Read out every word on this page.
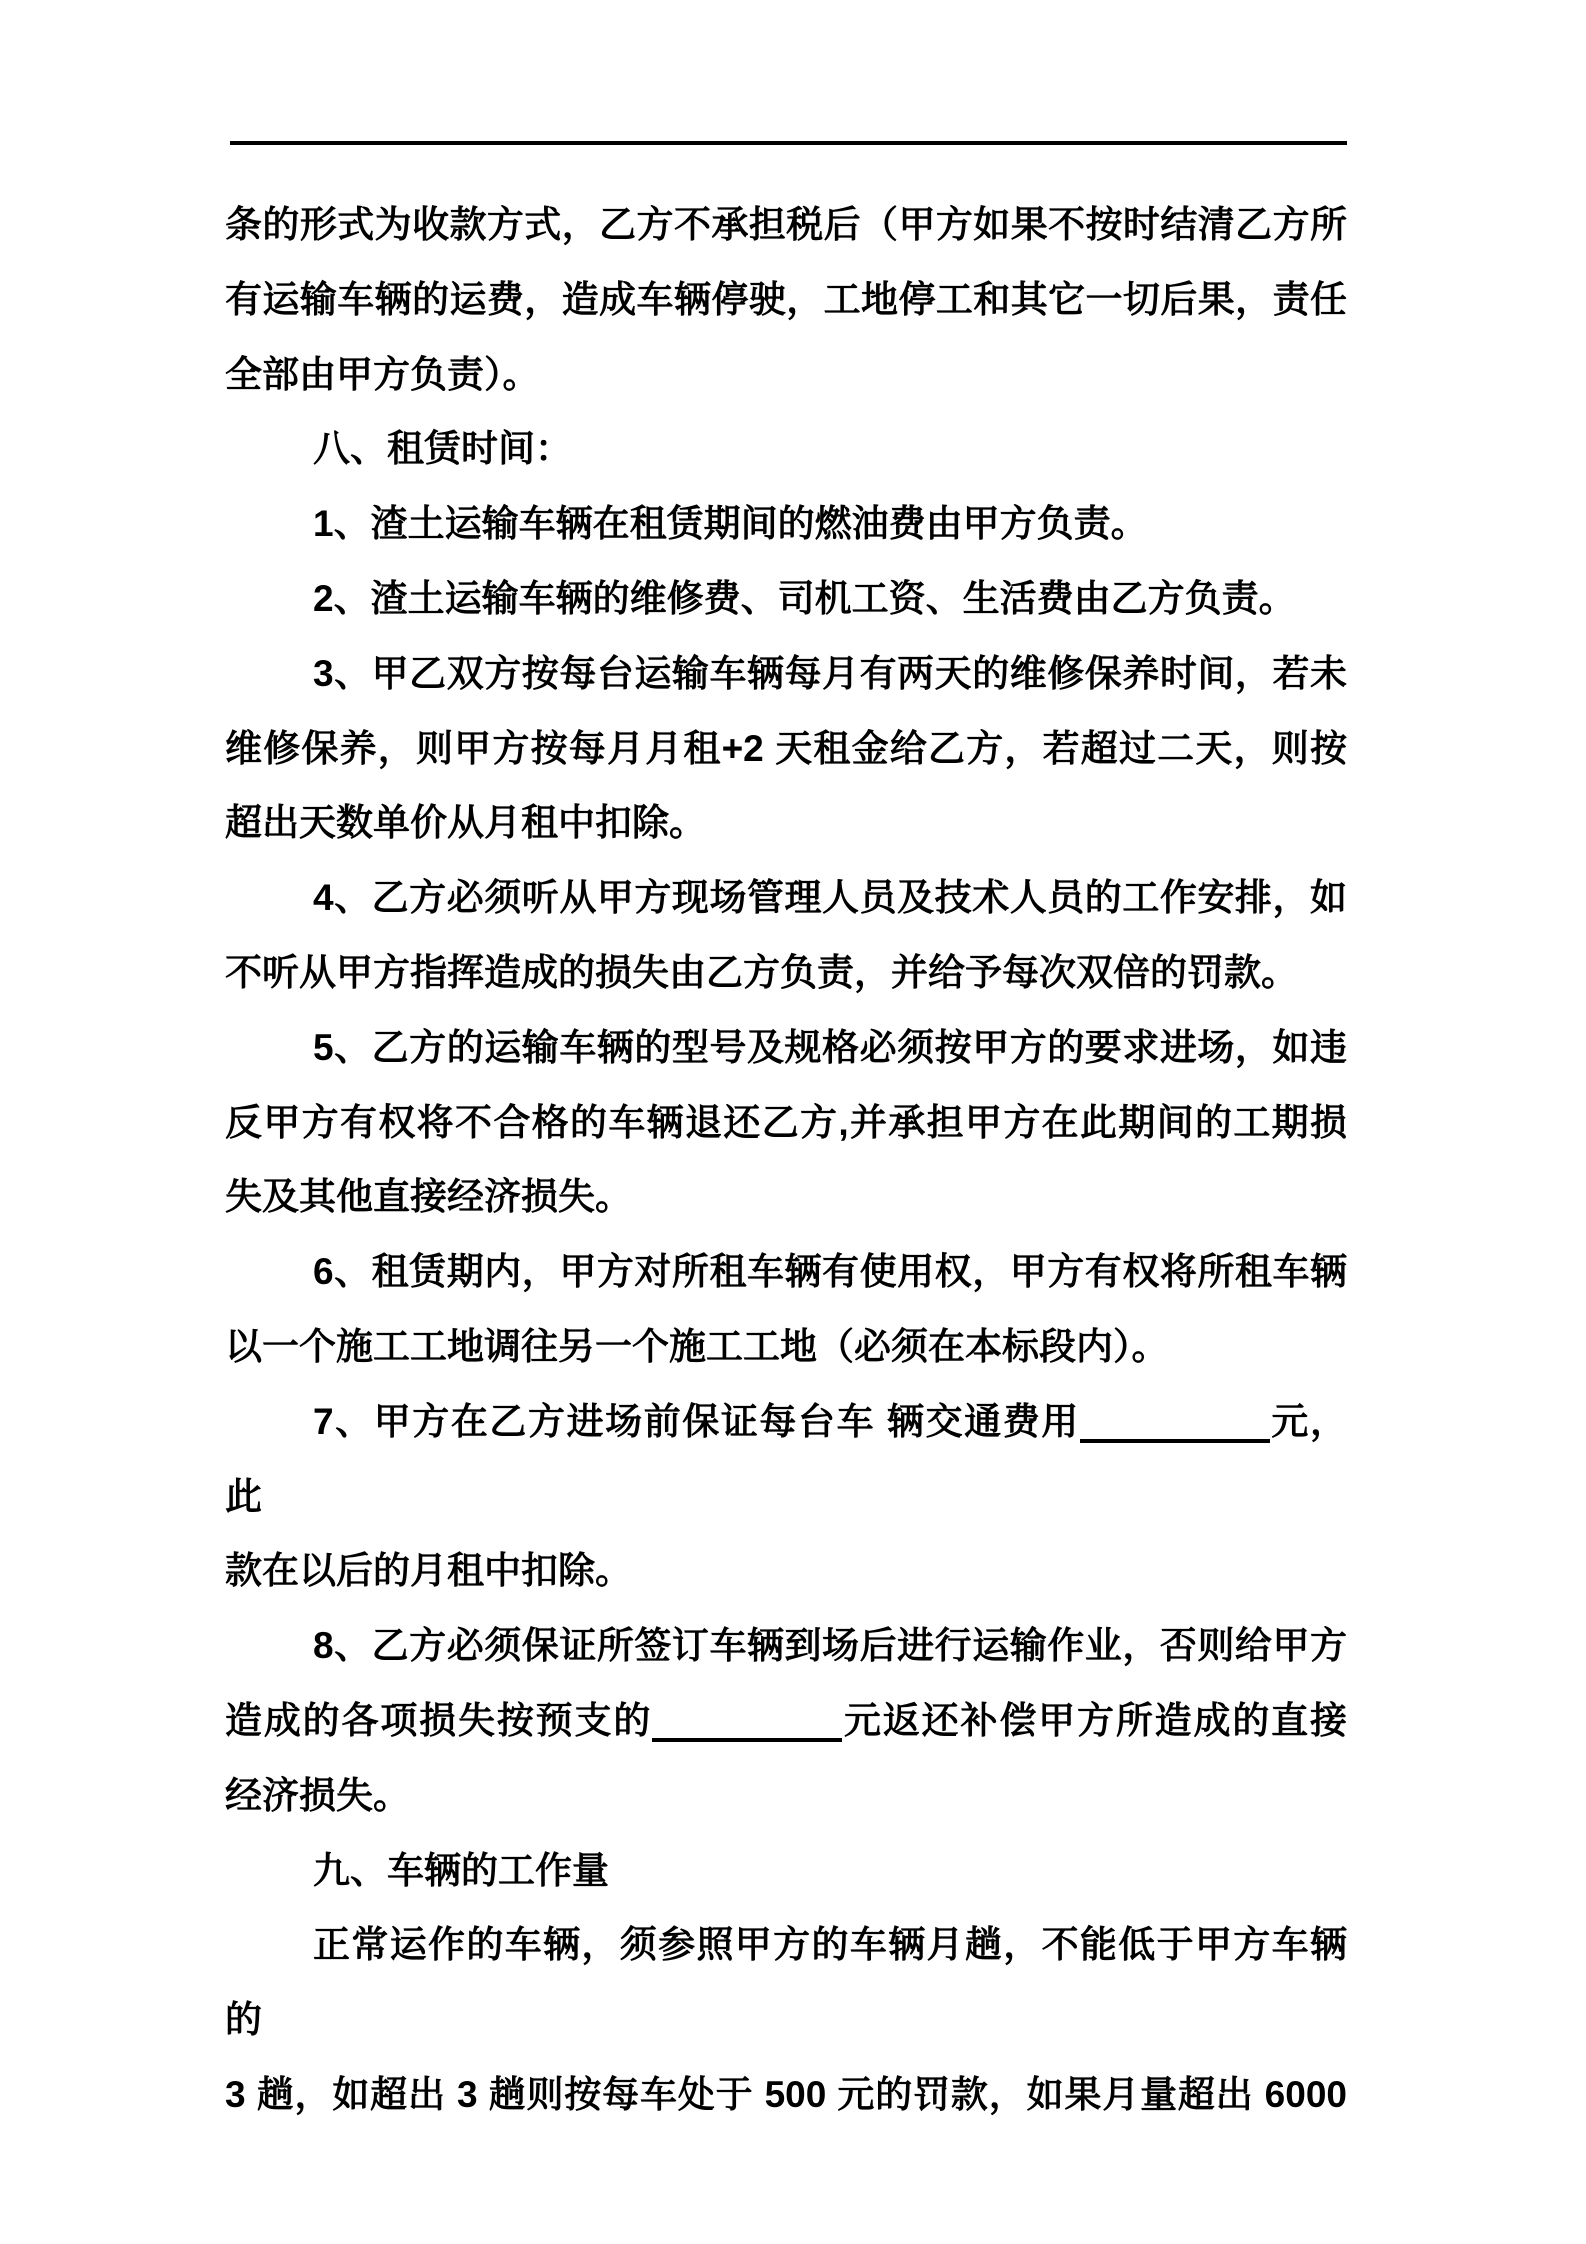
条的形式为收款方式，乙方不承担税后（甲方如果不按时结清乙方所
有运输车辆的运费，造成车辆停驶，工地停工和其它一切后果，责任
全部由甲方负责）。
八、租赁时间：
1、渣土运输车辆在租赁期间的燃油费由甲方负责。
2、渣土运输车辆的维修费、司机工资、生活费由乙方负责。
3、甲乙双方按每台运输车辆每月有两天的维修保养时间，若未
维修保养，则甲方按每月月租+2 天租金给乙方，若超过二天，则按
超出天数单价从月租中扣除。
4、乙方必须听从甲方现场管理人员及技术人员的工作安排，如
不听从甲方指挥造成的损失由乙方负责，并给予每次双倍的罚款。
5、乙方的运输车辆的型号及规格必须按甲方的要求进场，如违
反甲方有权将不合格的车辆退还乙方,并承担甲方在此期间的工期损
失及其他直接经济损失。
6、租赁期内，甲方对所租车辆有使用权，甲方有权将所租车辆
以一个施工工地调往另一个施工工地（必须在本标段内）。
7、甲方在乙方进场前保证每台车 辆交通费用	元，此
款在以后的月租中扣除。
8、乙方必须保证所签订车辆到场后进行运输作业，否则给甲方
造成的各项损失按预支的	元返还补偿甲方所造成的直接
经济损失。
九、车辆的工作量
正常运作的车辆，须参照甲方的车辆月趟，不能低于甲方车辆的
3 趟，如超出 3 趟则按每车处于 500 元的罚款，如果月量超出 6000
